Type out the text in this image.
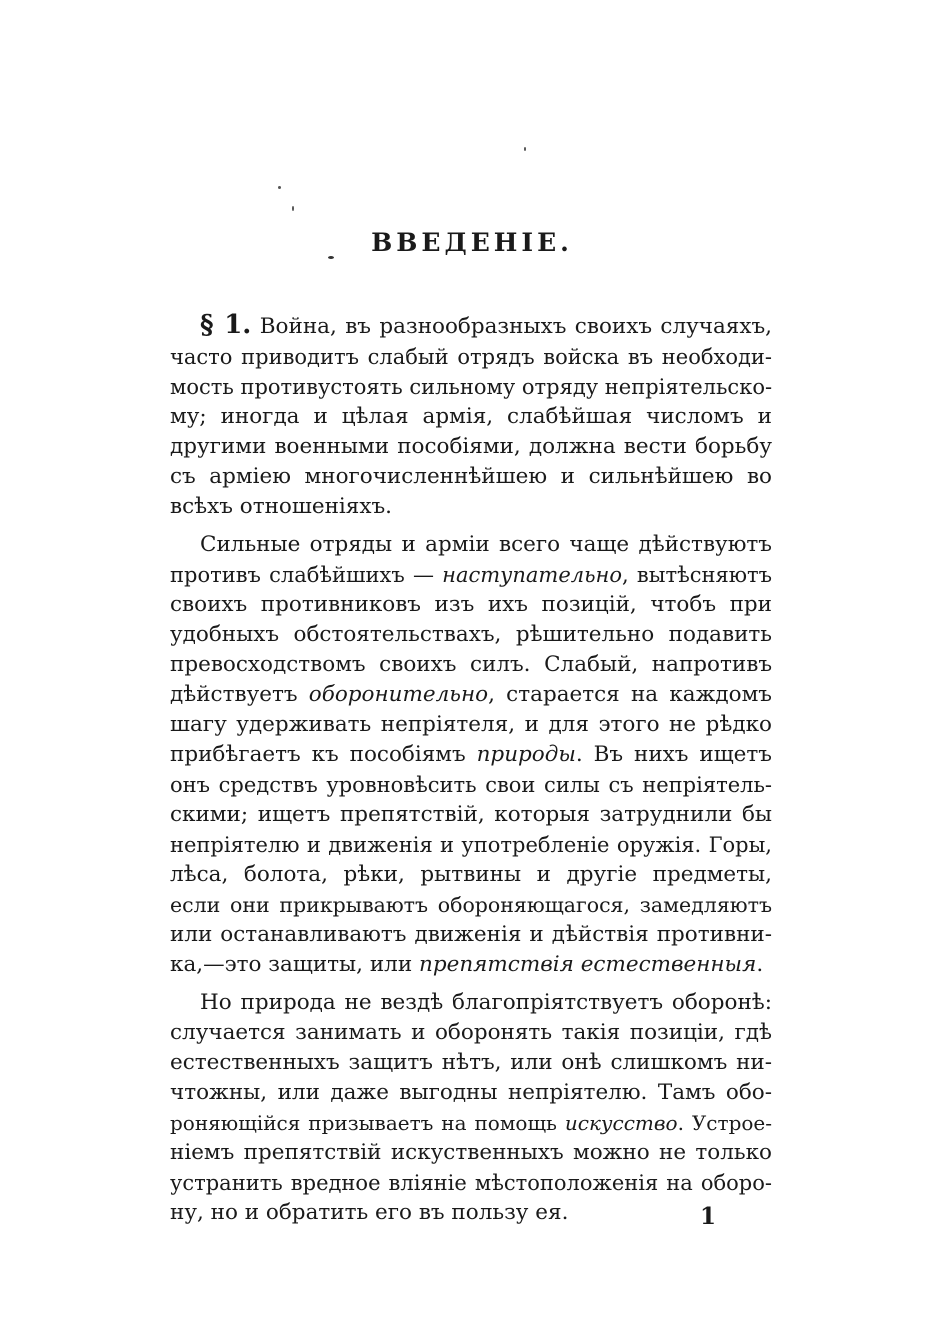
ВВЕДЕНIЕ.

§ 1. Война, въ разнообразныхъ своихъ случаяхъ,
часто приводитъ слабый отрядъ войска въ необходи-
мость противустоять сильному отряду непрiятельско-
му; иногда и цѣлая армiя, слабѣйшая числомъ и
другими военными пособiями, должна вести борьбу
съ армiею многочисленнѣйшею и сильнѣйшею во
всѣхъ отношенiяхъ.

Сильные отряды и армiи всего чаще дѣйствуютъ
противъ слабѣйшихъ — наступательно, вытѣсняютъ
своихъ противниковъ изъ ихъ позицiй, чтобъ при
удобныхъ обстоятельствахъ, рѣшительно подавить
превосходствомъ своихъ силъ. Слабый, напротивъ
дѣйствуетъ оборонительно, старается на каждомъ
шагу удерживать непрiятеля, и для этого не рѣдко
прибѣгаетъ къ пособiямъ природы. Въ нихъ ищетъ
онъ средствъ уровновѣсить свои силы съ непрiятель-
скими; ищетъ препятствiй, которыя затруднили бы
непрiятелю и движенiя и употребленiе оружiя. Горы,
лѣса, болота, рѣки, рытвины и другiе предметы,
если они прикрываютъ обороняющагося, замедляютъ
или останавливаютъ движенiя и дѣйствiя противни-
ка,—это защиты, или препятствiя естественныя.

Но природа не вездѣ благопрiятствуетъ оборонѣ:
случается занимать и оборонять такiя позицiи, гдѣ
естественныхъ защитъ нѣтъ, или онѣ слишкомъ ни-
чтожны, или даже выгодны непрiятелю. Тамъ обо-
роняющiйся призываетъ на помощь искусство. Устрое-
нiемъ препятствiй искуственныхъ можно не только
устранить вредное влiянiе мѣстоположенiя на оборо-
ну, но и обратить его въ пользу ея.	1
